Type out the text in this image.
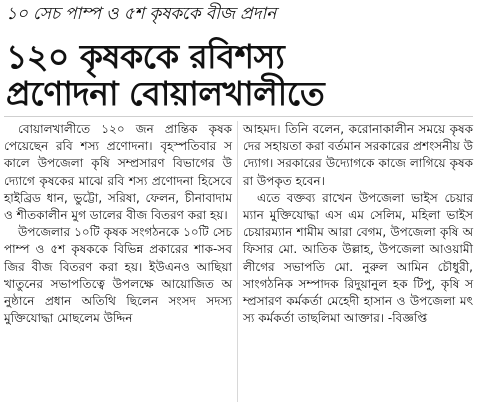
১০ সেচ পাম্প ও ৫শ কৃষককে বীজ প্রদান
১২০ কৃষককে রবিশস্য
প্রণোদনা বোয়ালখালীতে
বোয়ালখালীতে ১২০ জন প্রান্তিক কৃষক পেয়েছেন রবি শস্য প্রণোদনা। বৃহস্পতিবার সকালে উপজেলা কৃষি সম্প্রসারণ বিভাগের উদ্যোগে কৃষকের মাঝে রবি শস্য প্রণোদনা হিসেবে হাইব্রিড ধান, ভুট্টো, সরিষা, ফেলন, চীনাবাদাম ও শীতকালীন মুগ ডালের বীজ বিতরণ করা হয়।
উপজেলার ১০টি কৃষক সংগঠনকে ১০টি সেচ পাম্প ও ৫শ কৃষককে বিভিন্ন প্রকারের শাক-সবজির বীজ বিতরণ করা হয়। ইউএনও আছিয়া খাতুনের সভাপতিত্বে উপলক্ষে আয়োজিত অনুষ্ঠানে প্রধান অতিথি ছিলেন সংসদ সদস্য মুক্তিযোদ্ধা মোছলেম উদ্দিন
আহমদ। তিনি বলেন, করোনাকালীন সময়ে কৃষকদের সহায়তা করা বর্তমান সরকারের প্রশংসনীয় উদ্যোগ। সরকারের উদ্যোগকে কাজে লাগিয়ে কৃষকরা উপকৃত হবেন।
এতে বক্তব্য রাখেন উপজেলা ভাইস চেয়ারম্যান মুক্তিযোদ্ধা এস এম সেলিম, মহিলা ভাইস চেয়ারম্যান শামীম আরা বেগম, উপজেলা কৃষি অফিসার মো. আতিক উল্লাহ, উপজেলা আওয়ামী লীগের সভাপতি মো. নুরুল আমিন চৌধুরী, সাংগঠনিক সম্পাদক রিদুয়ানুল হক টিপু, কৃষি সম্প্রসারণ কর্মকর্তা মেহেদী হাসান ও উপজেলা মৎস্য কর্মকর্তা তাছলিমা আক্তার। -বিজ্ঞপ্তি
